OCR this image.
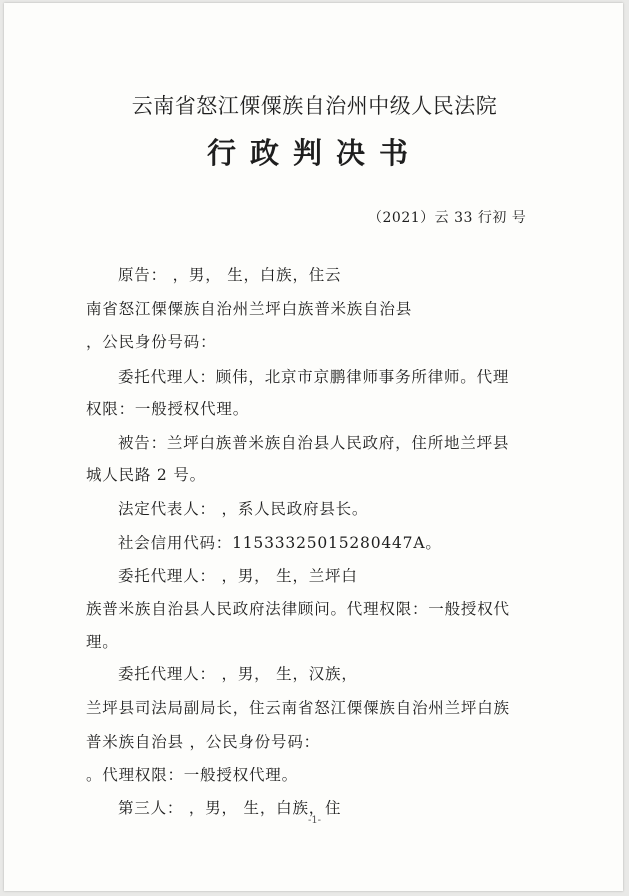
云南省怒江傈僳族自治州中级人民法院
行政判决书
（2021）云 33 行初 号
原告： ，男， 生，白族，住云
南省怒江傈僳族自治州兰坪白族普米族自治县
，公民身份号码：
委托代理人：顾伟，北京市京鹏律师事务所律师。代理
权限：一般授权代理。
被告：兰坪白族普米族自治县人民政府，住所地兰坪县
城人民路 2 号。
法定代表人： ，系人民政府县长。
社会信用代码：11533325015280447A。
委托代理人： ，男， 生，兰坪白
族普米族自治县人民政府法律顾问。代理权限：一般授权代
理。
委托代理人： ，男， 生，汉族，
兰坪县司法局副局长，住云南省怒江傈僳族自治州兰坪白族
普米族自治县 ，公民身份号码：
。代理权限：一般授权代理。
第三人： ，男， 生，白族，住
-1-
